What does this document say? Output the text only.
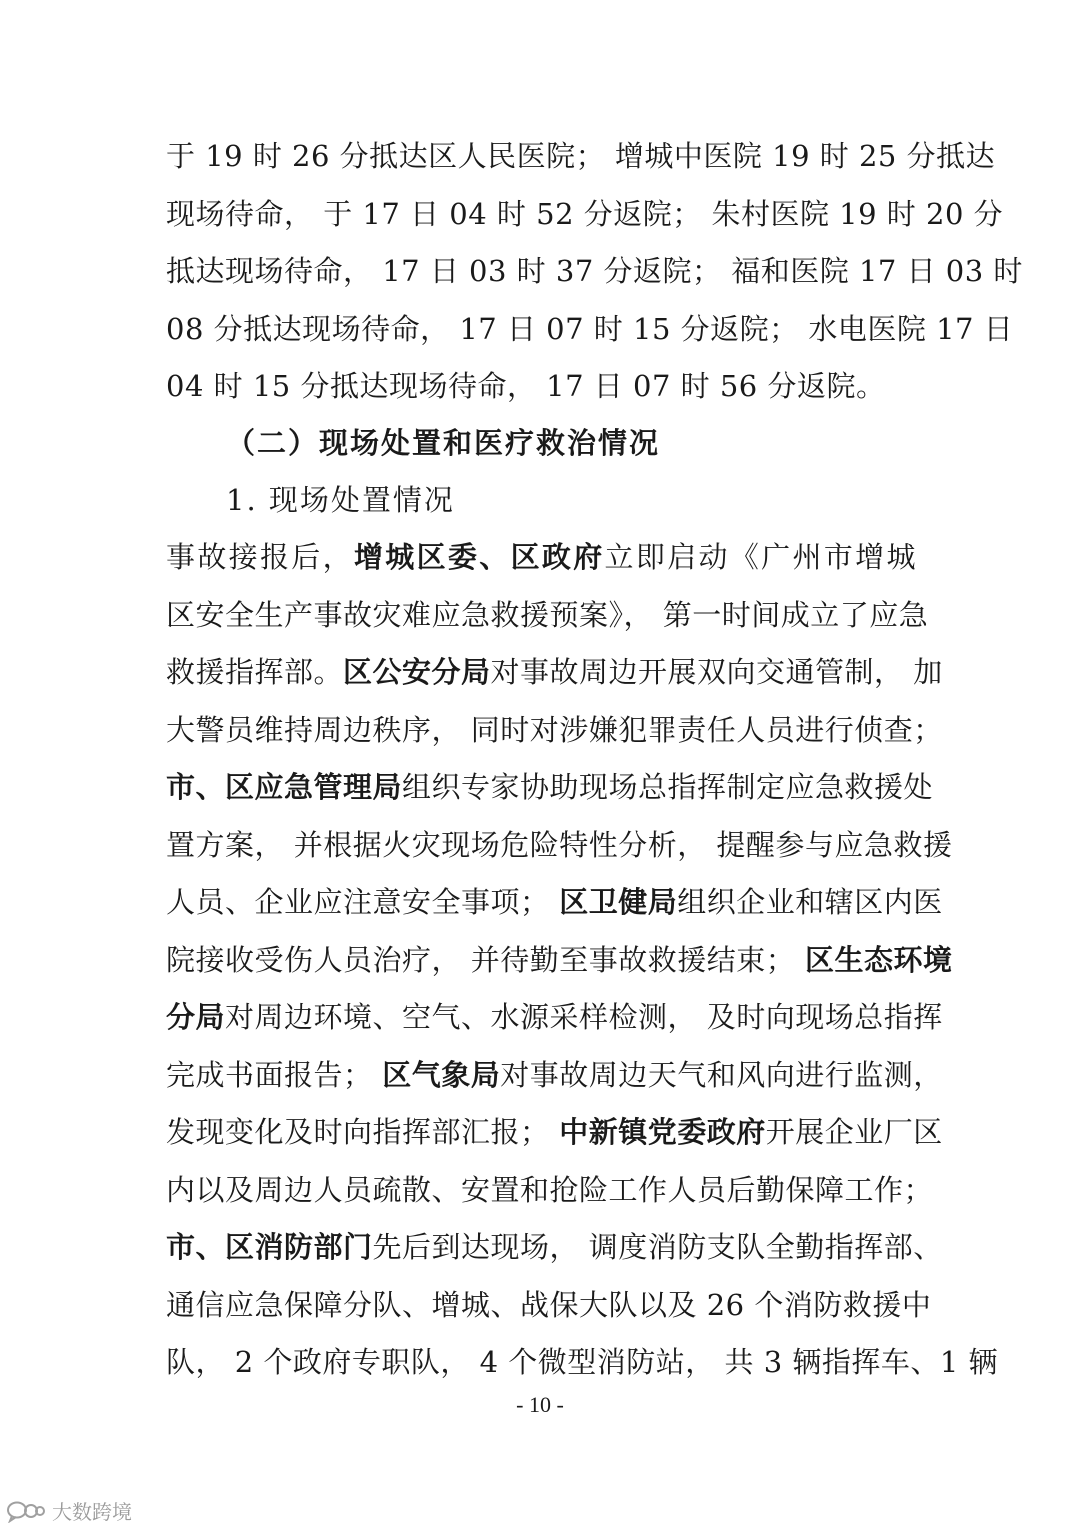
于 19 时 26 分抵达区人民医院； 增城中医院 19 时 25 分抵达
现场待命， 于 17 日 04 时 52 分返院； 朱村医院 19 时 20 分
抵达现场待命， 17 日 03 时 37 分返院； 福和医院 17 日 03 时
08 分抵达现场待命， 17 日 07 时 15 分返院； 水电医院 17 日
04 时 15 分抵达现场待命， 17 日 07 时 56 分返院。
（二）现场处置和医疗救治情况
1. 现场处置情况
事故接报后，增城区委、区政府立即启动《广州市增城
区安全生产事故灾难应急救援预案》， 第一时间成立了应急
救援指挥部。区公安分局对事故周边开展双向交通管制， 加
大警员维持周边秩序， 同时对涉嫌犯罪责任人员进行侦查；
市、区应急管理局组织专家协助现场总指挥制定应急救援处
置方案， 并根据火灾现场危险特性分析， 提醒参与应急救援
人员、企业应注意安全事项； 区卫健局组织企业和辖区内医
院接收受伤人员治疗， 并待勤至事故救援结束； 区生态环境
分局对周边环境、空气、水源采样检测， 及时向现场总指挥
完成书面报告； 区气象局对事故周边天气和风向进行监测，
发现变化及时向指挥部汇报； 中新镇党委政府开展企业厂区
内以及周边人员疏散、安置和抢险工作人员后勤保障工作；
市、区消防部门先后到达现场， 调度消防支队全勤指挥部、
通信应急保障分队、增城、战保大队以及 26 个消防救援中
队， 2 个政府专职队， 4 个微型消防站， 共 3 辆指挥车、1 辆
- 10 -
大数跨境
